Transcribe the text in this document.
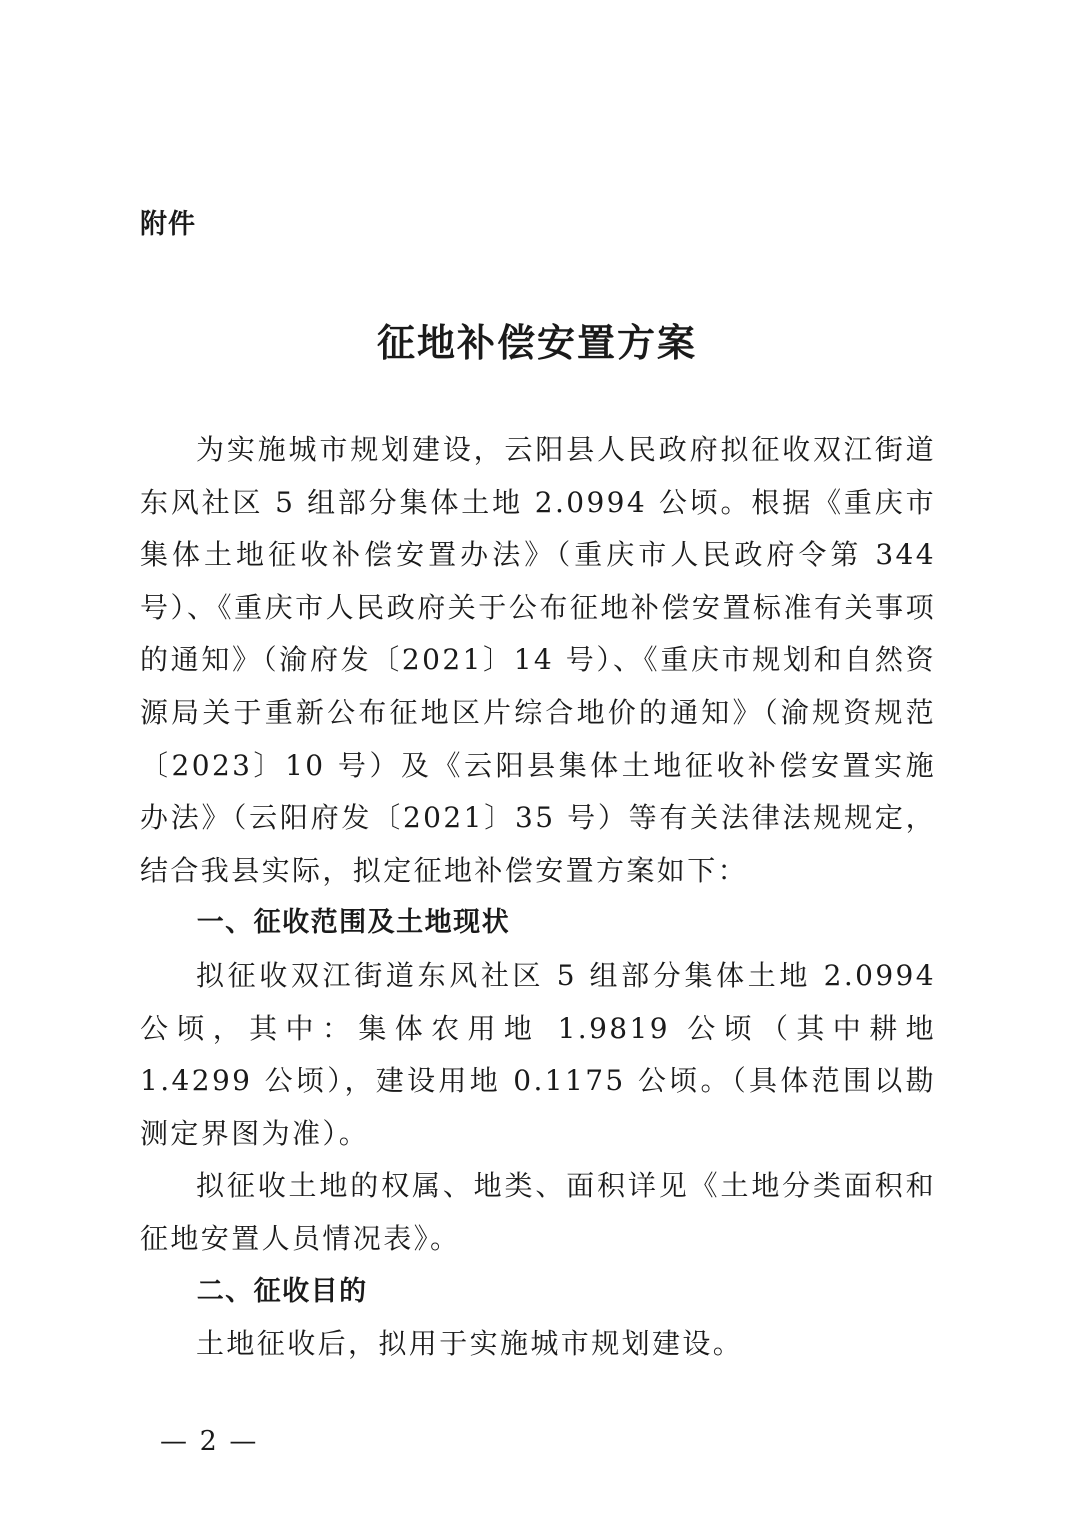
附件
征地补偿安置方案

为实施城市规划建设，云阳县人民政府拟征收双江街道东风社区 5 组部分集体土地 2.0994 公顷。根据《重庆市集体土地征收补偿安置办法》（重庆市人民政府令第 344 号）、《重庆市人民政府关于公布征地补偿安置标准有关事项的通知》（渝府发〔2021〕14 号）、《重庆市规划和自然资源局关于重新公布征地区片综合地价的通知》（渝规资规范〔2023〕10 号）及《云阳县集体土地征收补偿安置实施办法》（云阳府发〔2021〕35 号）等有关法律法规规定，结合我县实际，拟定征地补偿安置方案如下：

一、征收范围及土地现状

拟征收双江街道东风社区 5 组部分集体土地 2.0994 公顷，其中：集体农用地 1.9819 公顷（其中耕地 1.4299 公顷），建设用地 0.1175 公顷。（具体范围以勘测定界图为准）。

拟征收土地的权属、地类、面积详见《土地分类面积和征地安置人员情况表》。

二、征收目的

土地征收后，拟用于实施城市规划建设。

— 2 —
